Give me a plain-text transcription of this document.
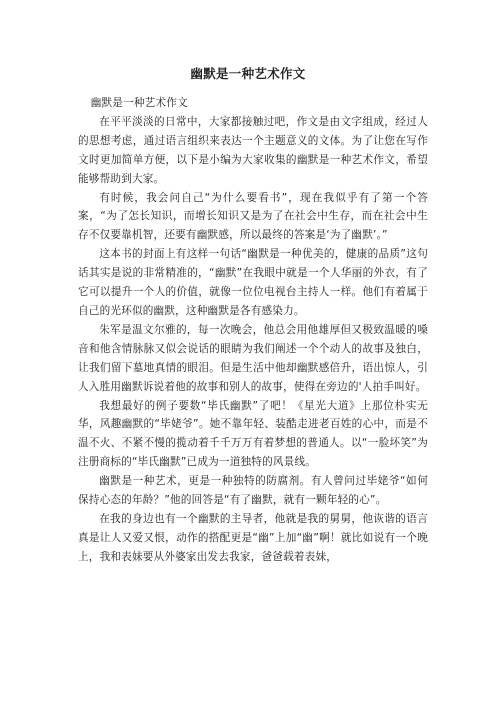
幽默是一种艺术作文

幽默是一种艺术作文

在平平淡淡的日常中，大家都接触过吧，作文是由文字组成，经过人的思想考虑，通过语言组织来表达一个主题意义的文体。为了让您在写作文时更加简单方便，以下是小编为大家收集的幽默是一种艺术作文，希望能够帮助到大家。

有时候，我会问自己“为什么要看书”，现在我似乎有了第一个答案，“为了怎长知识，而增长知识又是为了在社会中生存，而在社会中生存不仅要靠机智，还要有幽默感，所以最终的答案是‘为了幽默’。”

这本书的封面上有这样一句话“幽默是一种优美的，健康的品质”这句话其实是说的非常精准的，“幽默”在我眼中就是一个人华丽的外衣，有了它可以提升一个人的价值，就像一位位电视台主持人一样。他们有着属于自己的光环似的幽默，这种幽默是各有感染力。

朱军是温文尔雅的，每一次晚会，他总会用他雄厚但又极致温暖的嗓音和他含情脉脉又似会说话的眼睛为我们阐述一个个动人的故事及独白，让我们留下墓地真情的眼泪。但是生活中他却幽默感倍升，语出惊人，引人入胜用幽默诉说着他的故事和别人的故事，使得在旁边的'人拍手叫好。

我想最好的例子要数“毕氏幽默”了吧！《星光大道》上那位朴实无华，风趣幽默的“毕姥爷”。她不靠年轻、装酷走进老百姓的心中，而是不温不火、不紧不慢的揽动着千千万万有着梦想的普通人。以“一脸坏笑”为注册商标的“毕氏幽默”已成为一道独特的风景线。

幽默是一种艺术，更是一种独特的防腐剂。有人曾问过毕姥爷“如何保持心态的年龄？”他的回答是“有了幽默，就有一颗年轻的心”。

在我的身边也有一个幽默的主导者，他就是我的舅舅，他诙谐的语言真是让人又爱又恨，动作的搭配更是“幽”上加“幽”啊！就比如说有一个晚上，我和表妹要从外婆家出发去我家，爸爸载着表妹，
